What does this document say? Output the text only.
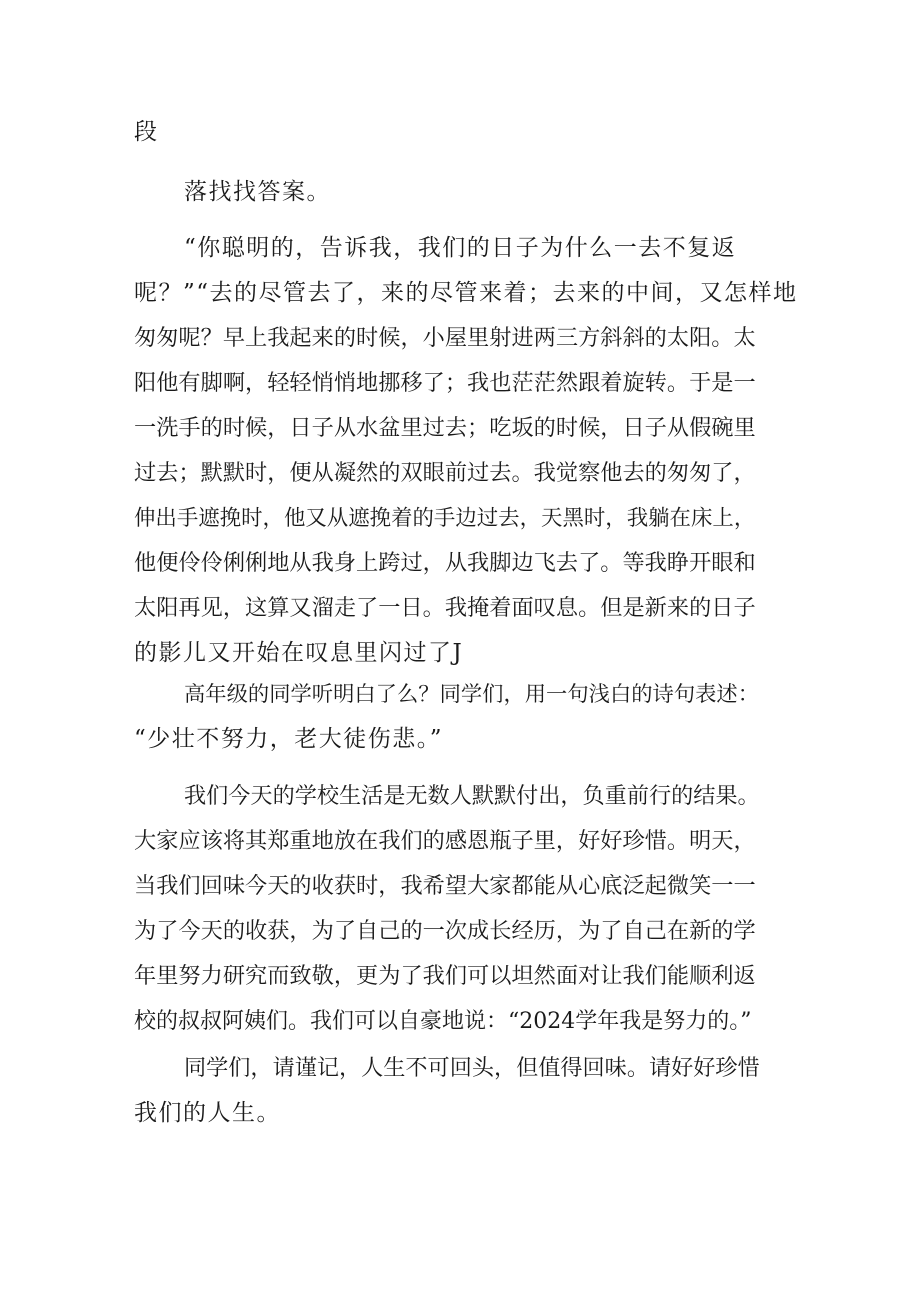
段
落找找答案。
“你聪明的，告诉我，我们的日子为什么一去不复返
呢？”“去的尽管去了，来的尽管来着；去来的中间，又怎样地
匆匆呢？早上我起来的时候，小屋里射进两三方斜斜的太阳。太
阳他有脚啊，轻轻悄悄地挪移了；我也茫茫然跟着旋转。于是一
一洗手的时候，日子从水盆里过去；吃坂的时候，日子从假碗里
过去；默默时，便从凝然的双眼前过去。我觉察他去的匆匆了，
伸出手遮挽时，他又从遮挽着的手边过去，天黑时，我躺在床上，
他便伶伶俐俐地从我身上跨过，从我脚边飞去了。等我睁开眼和
太阳再见，这算又溜走了一日。我掩着面叹息。但是新来的日子
的影儿又开始在叹息里闪过了J
高年级的同学听明白了么？同学们，用一句浅白的诗句表述：
“少壮不努力，老大徒伤悲。”
我们今天的学校生活是无数人默默付出，负重前行的结果。
大家应该将其郑重地放在我们的感恩瓶子里，好好珍惜。明天，
当我们回味今天的收获时，我希望大家都能从心底泛起微笑一一
为了今天的收获，为了自己的一次成长经历，为了自己在新的学
年里努力研究而致敬，更为了我们可以坦然面对让我们能顺利返
校的叔叔阿姨们。我们可以自豪地说：“2024学年我是努力的。”
同学们，请谨记，人生不可回头，但值得回味。请好好珍惜
我们的人生。
